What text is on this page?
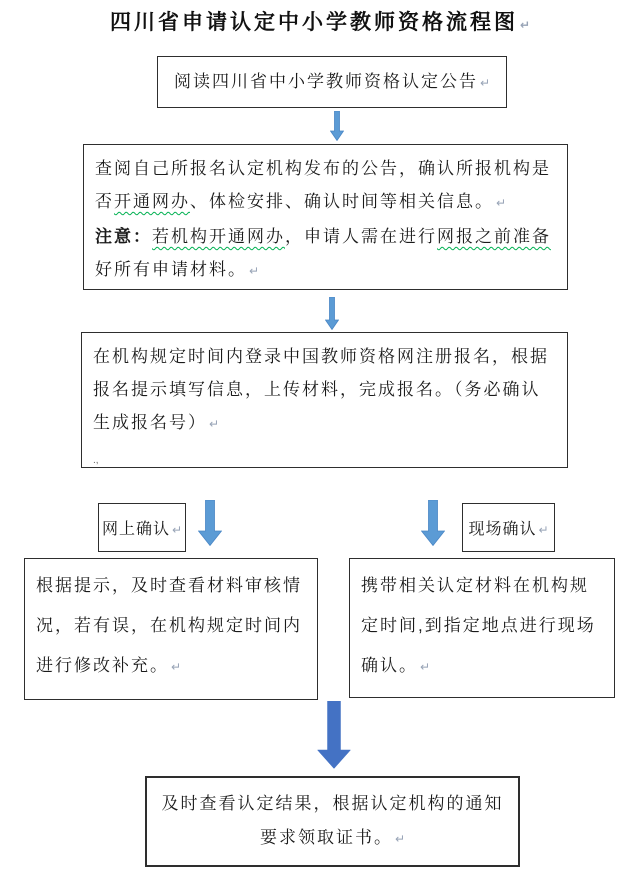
四川省申请认定中小学教师资格流程图 ↵
阅读四川省中小学教师资格认定公告 ↵
查阅自己所报名认定机构发布的公告，确认所报机构是
否开通网办、体检安排、确认时间等相关信息。 ↵
注意：若机构开通网办，申请人需在进行网报之前准备
好所有申请材料。 ↵
在机构规定时间内登录中国教师资格网注册报名，根据
报名提示填写信息，上传材料，完成报名。（务必确认
生成报名号） ↵
.,
网上确认 ↵	现场确认 ↵
根据提示，及时查看材料审核情
况，若有误，在机构规定时间内
进行修改补充。 ↵
携带相关认定材料在机构规
定时间,到指定地点进行现场
确认。 ↵
及时查看认定结果，根据认定机构的通知
要求领取证书。 ↵
